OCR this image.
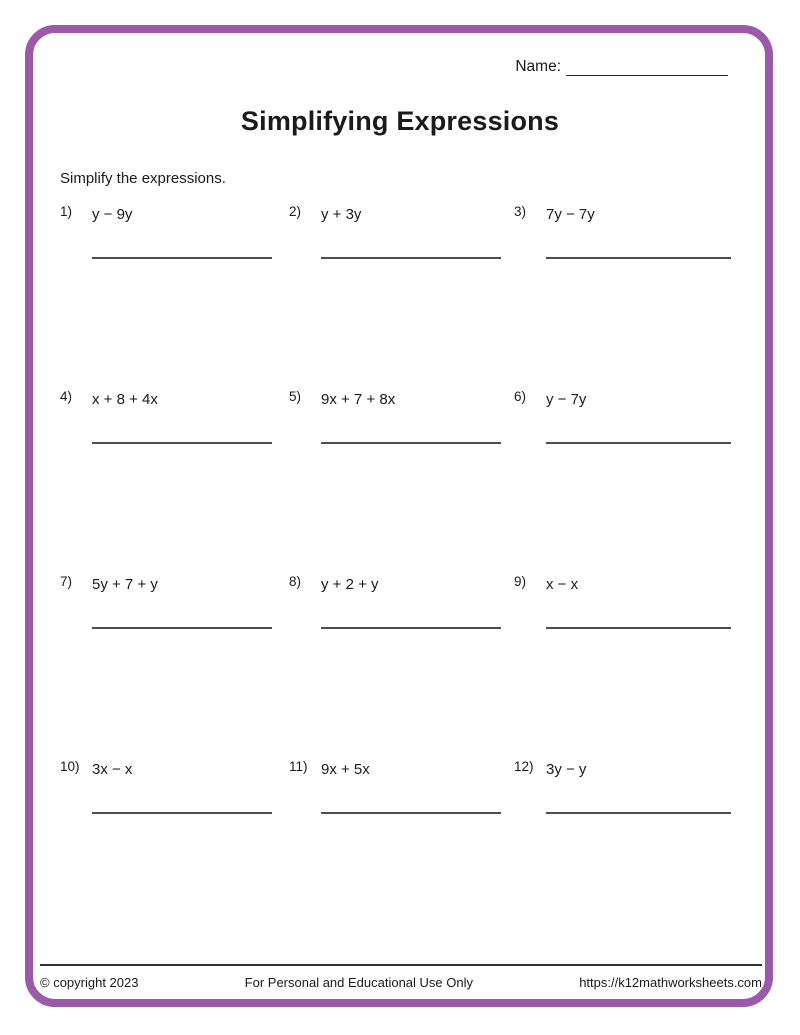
Name:
Simplifying Expressions
Simplify the expressions.
1)	y − 9y	2)	y + 3y	3)	7y − 7y
4)	x + 8 + 4x	5)	9x + 7 + 8x	6)	y − 7y
7)	5y + 7 + y	8)	y + 2 + y	9)	x − x
10) 3x − x	11) 9x + 5x	12) 3y − y
© copyright 2023	For Personal and Educational Use Only	https://k12mathworksheets.com
